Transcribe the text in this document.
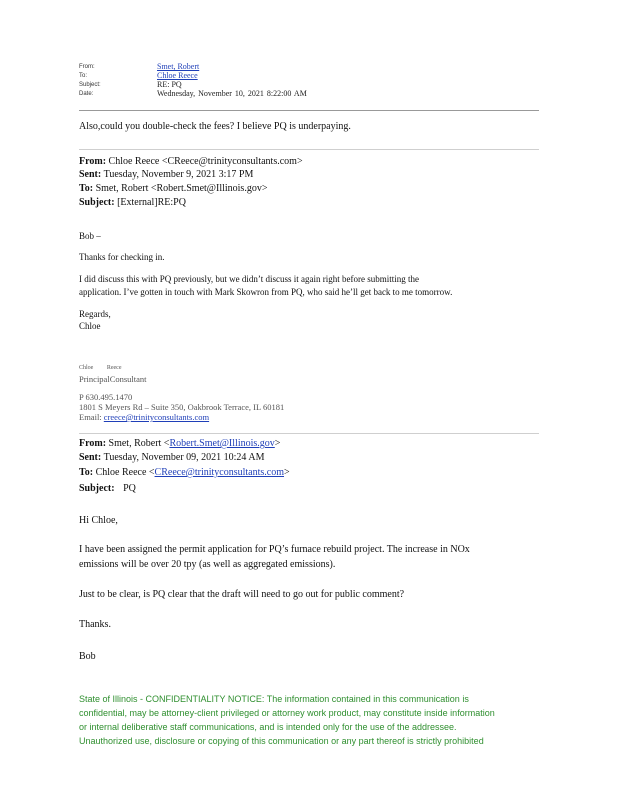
From:	Smet, Robert
To:	Chloe Reece
Subject:	RE: PQ
Date:	Wednesday, November 10, 2021 8:22:00 AM
Also,could you double-check the fees? I believe PQ is underpaying.
From: Chloe Reece <CReece@trinityconsultants.com>
Sent: Tuesday, November 9, 2021 3:17 PM
To: Smet, Robert <Robert.Smet@Illinois.gov>
Subject: [External]RE:PQ
Bob –
Thanks for checking in.
I did discuss this with PQ previously, but we didn’t discuss it again right before submitting the
application. I’ve gotten in touch with Mark Skowron from PQ, who said he’ll get back to me tomorrow.
Regards,
Chloe
Chloe Reece
PrincipalConsultant
P 630.495.1470
1801 S Meyers Rd – Suite 350, Oakbrook Terrace, IL 60181
Email: creece@trinityconsultants.com
From: Smet, Robert <Robert.Smet@Illinois.gov>
Sent: Tuesday, November 09, 2021 10:24 AM
To: Chloe Reece <CReece@trinityconsultants.com>
Subject: PQ
Hi Chloe,
I have been assigned the permit application for PQ’s furnace rebuild project. The increase in NOx
emissions will be over 20 tpy (as well as aggregated emissions).
Just to be clear, is PQ clear that the draft will need to go out for public comment?
Thanks.
Bob
State of Illinois - CONFIDENTIALITY NOTICE: The information contained in this communication is
confidential, may be attorney-client privileged or attorney work product, may constitute inside information
or internal deliberative staff communications, and is intended only for the use of the addressee.
Unauthorized use, disclosure or copying of this communication or any part thereof is strictly prohibited
